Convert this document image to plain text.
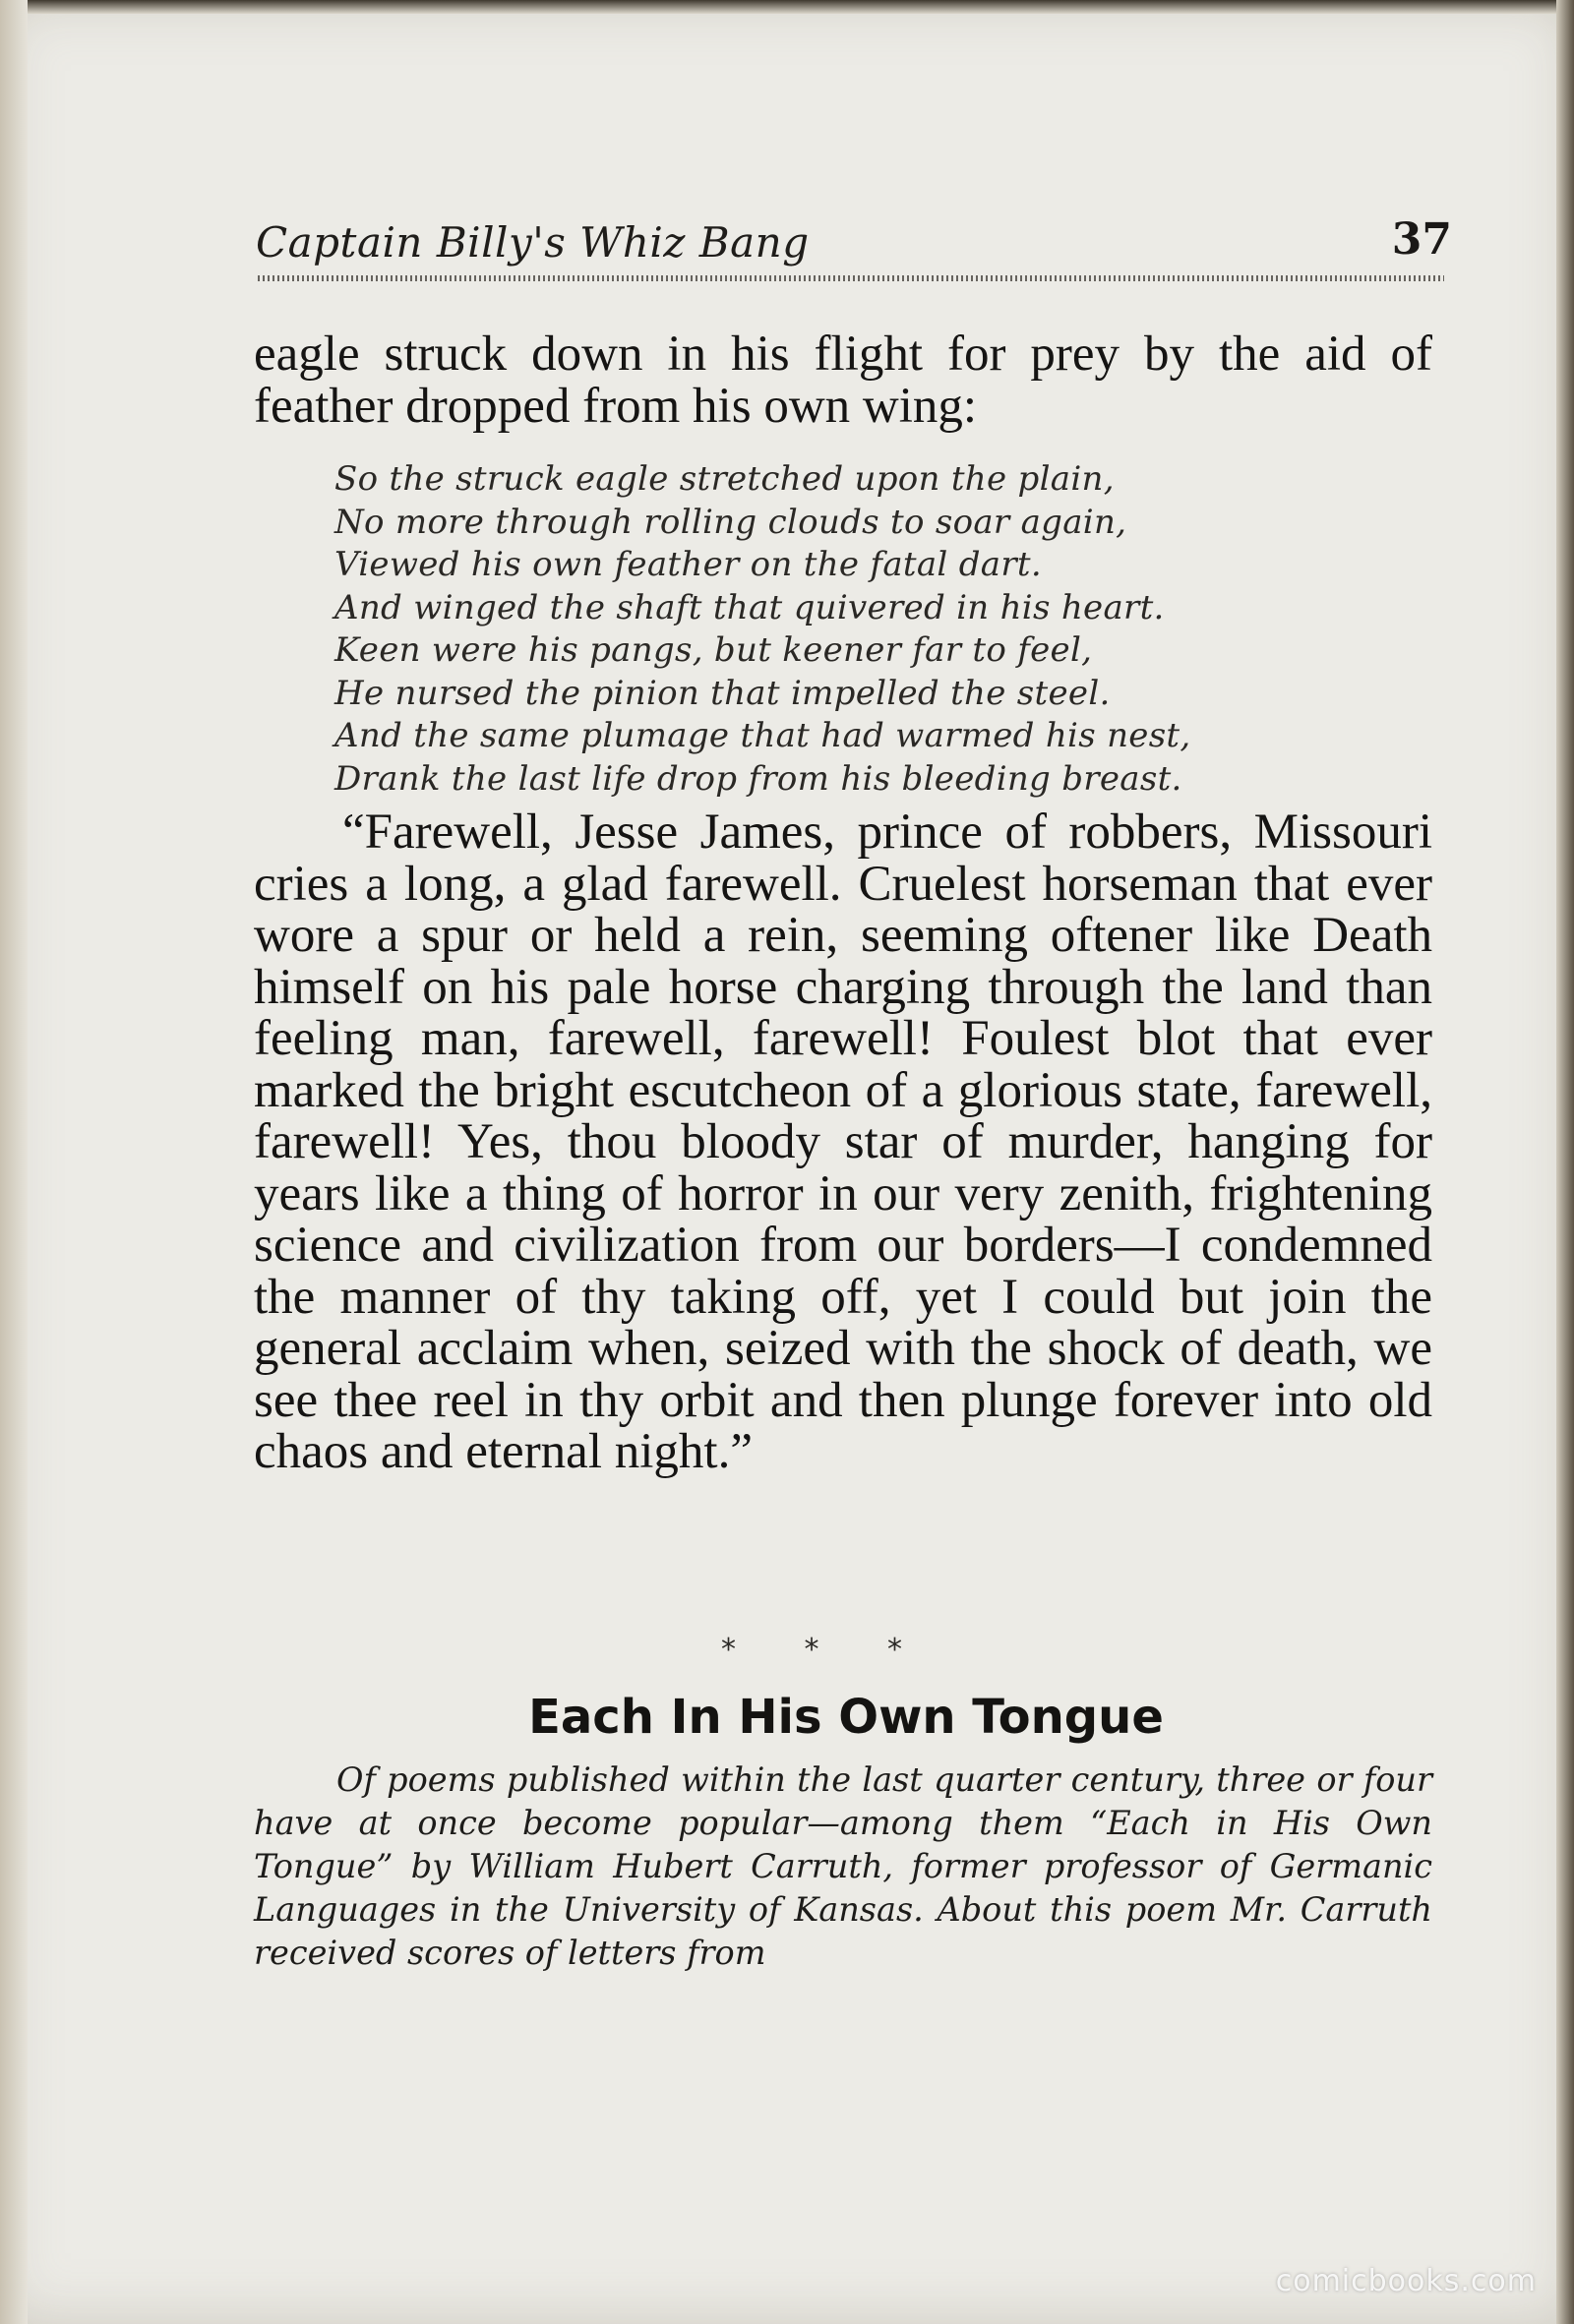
Captain Billy's Whiz Bang	37

eagle struck down in his flight for prey by the aid of feather dropped from his own wing:

So the struck eagle stretched upon the plain,
No more through rolling clouds to soar again,
Viewed his own feather on the fatal dart.
And winged the shaft that quivered in his heart.
Keen were his pangs, but keener far to feel,
He nursed the pinion that impelled the steel.
And the same plumage that had warmed his nest,
Drank the last life drop from his bleeding breast.

“Farewell, Jesse James, prince of robbers, Missouri cries a long, a glad farewell. Cruelest horseman that ever wore a spur or held a rein, seeming oftener like Death himself on his pale horse charging through the land than feeling man, farewell, farewell! Foulest blot that ever marked the bright escutcheon of a glorious state, farewell, farewell! Yes, thou bloody star of murder, hanging for years like a thing of horror in our very zenith, frightening science and civilization from our borders—I condemned the manner of thy taking off, yet I could but join the general acclaim when, seized with the shock of death, we see thee reel in thy orbit and then plunge forever into old chaos and eternal night.”

* * *
Each In His Own Tongue

Of poems published within the last quarter century, three or four have at once become popular—among them “Each in His Own Tongue” by William Hubert Carruth, former professor of Germanic Languages in the University of Kansas. About this poem Mr. Carruth received scores of letters from

comicbooks.com
